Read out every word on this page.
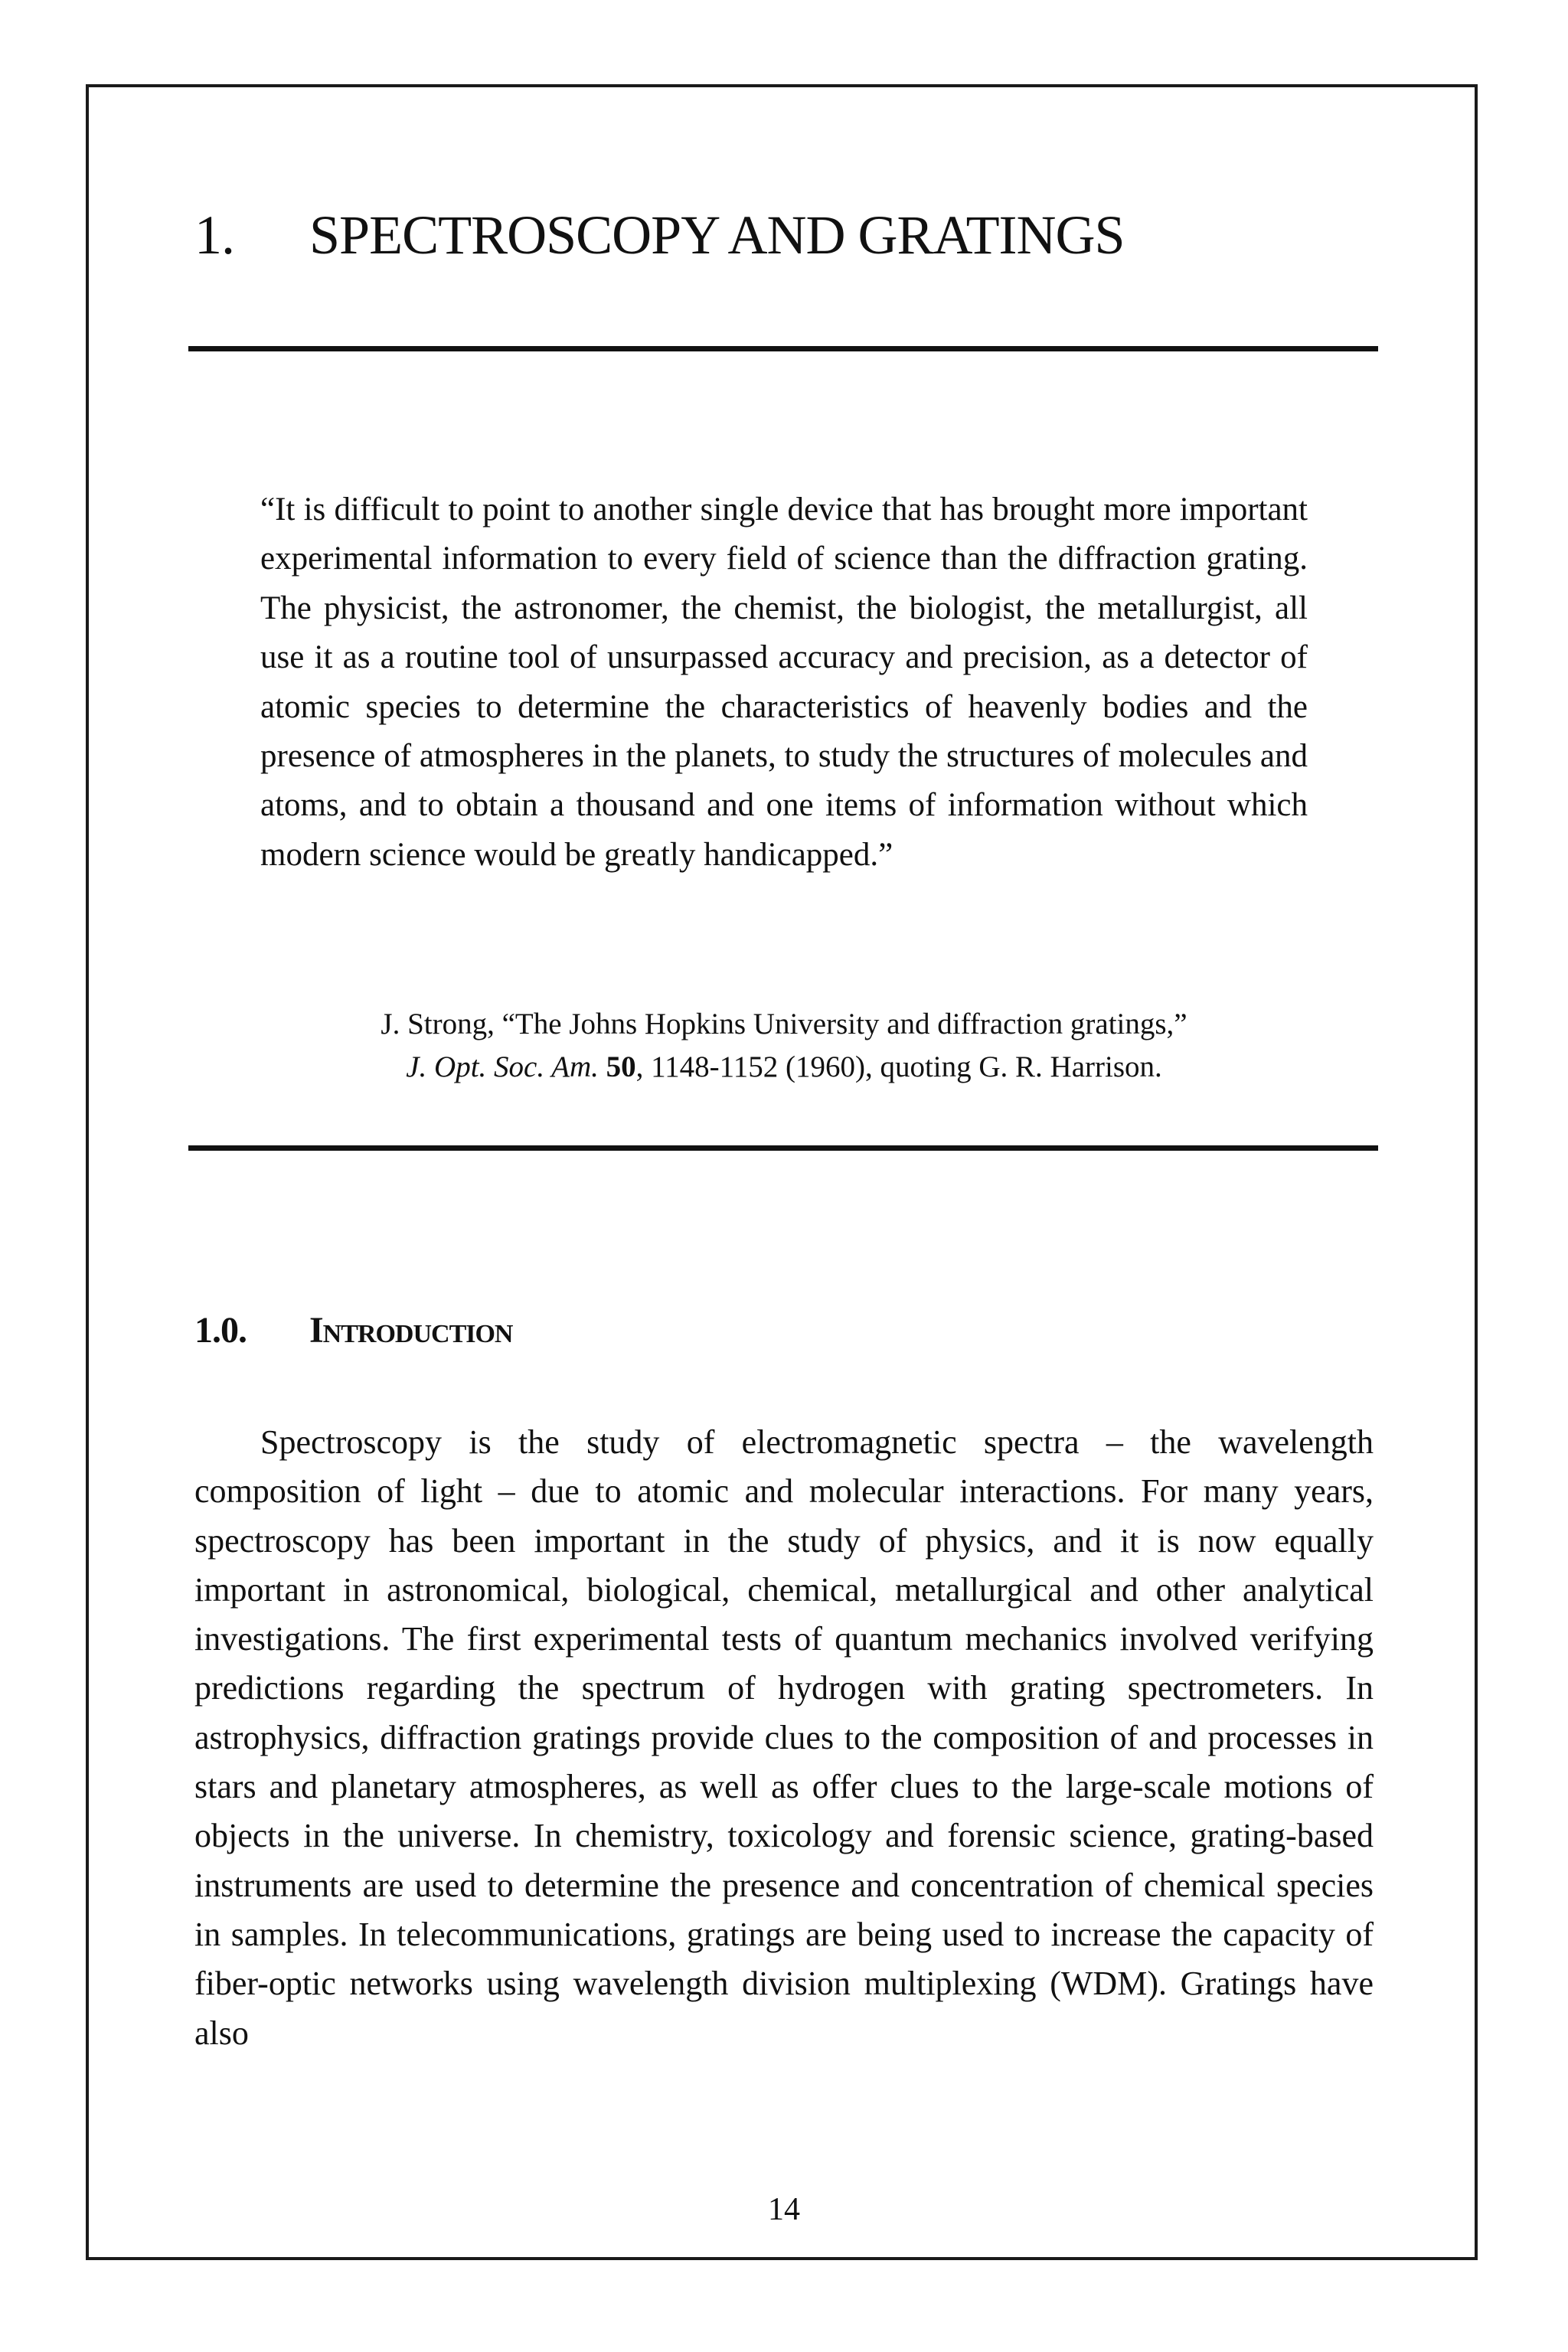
1. SPECTROSCOPY AND GRATINGS

“It is difficult to point to another single device that has brought more important experimental information to every field of science than the diffraction grating. The physicist, the astronomer, the chemist, the biologist, the metallurgist, all use it as a routine tool of unsurpassed accuracy and precision, as a detector of atomic species to determine the characteristics of heavenly bodies and the presence of atmospheres in the planets, to study the structures of molecules and atoms, and to obtain a thousand and one items of information without which modern science would be greatly handicapped.”

J. Strong, “The Johns Hopkins University and diffraction gratings,”
J. Opt. Soc. Am. 50, 1148-1152 (1960), quoting G. R. Harrison.
1.0. Introduction

Spectroscopy is the study of electromagnetic spectra – the wavelength composition of light – due to atomic and molecular interactions. For many years, spectroscopy has been important in the study of physics, and it is now equally important in astronomical, biological, chemical, metallurgical and other analytical investigations. The first experimental tests of quantum mechanics involved verifying predictions regarding the spectrum of hydrogen with grating spectrometers. In astrophysics, diffraction gratings provide clues to the composition of and processes in stars and planetary atmospheres, as well as offer clues to the large-scale motions of objects in the universe. In chemistry, toxicology and forensic science, grating-based instruments are used to determine the presence and concentration of chemical species in samples. In telecommunications, gratings are being used to increase the capacity of fiber-optic networks using wavelength division multiplexing (WDM). Gratings have also

14
